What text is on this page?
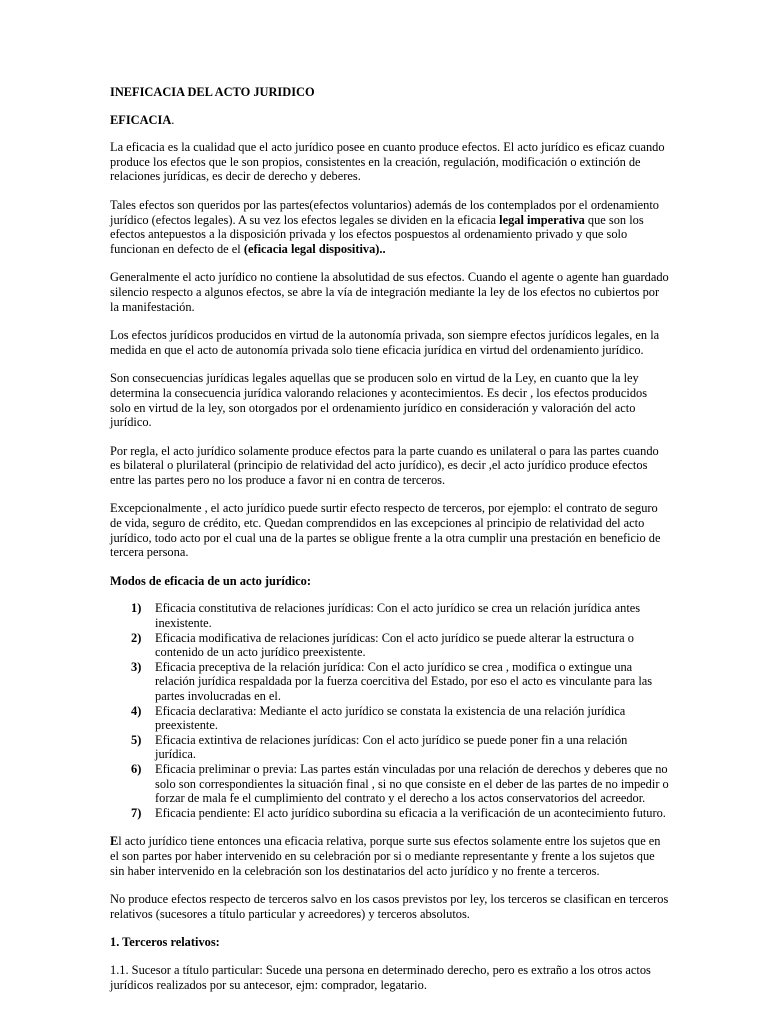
INEFICACIA DEL ACTO JURIDICO

EFICACIA.

La eficacia es la cualidad que el acto jurídico posee en cuanto produce efectos. El acto jurídico es eficaz cuando produce los efectos que le son propios, consistentes en la creación, regulación, modificación o extinción de relaciones jurídicas, es decir de derecho y deberes.

Tales efectos son queridos por las partes(efectos voluntarios) además de los contemplados por el ordenamiento jurídico (efectos legales). A su vez los efectos legales se dividen en la eficacia legal imperativa que son los efectos antepuestos a la disposición privada y los efectos pospuestos al ordenamiento privado y que solo funcionan en defecto de el (eficacia legal dispositiva)..

Generalmente el acto jurídico no contiene la absolutidad de sus efectos. Cuando el agente o agente han guardado silencio respecto a algunos efectos, se abre la vía de integración mediante la ley de los efectos no cubiertos por la manifestación.

Los efectos jurídicos producidos en virtud de la autonomía privada, son siempre efectos jurídicos legales, en la medida en que el acto de autonomía privada solo tiene eficacia jurídica en virtud del ordenamiento jurídico.

Son consecuencias jurídicas legales aquellas que se producen solo en virtud de la Ley, en cuanto que la ley determina la consecuencia jurídica valorando relaciones y acontecimientos. Es decir , los efectos producidos solo en virtud de la ley, son otorgados por el ordenamiento jurídico en consideración y valoración del acto jurídico.

Por regla, el acto jurídico solamente produce efectos para la parte cuando es unilateral o para las partes cuando es bilateral o plurilateral (principio de relatividad del acto jurídico), es decir ,el acto jurídico produce efectos entre las partes pero no los produce a favor ni en contra de terceros.

Excepcionalmente , el acto jurídico puede surtir efecto respecto de terceros, por ejemplo: el contrato de seguro de vida, seguro de crédito, etc. Quedan comprendidos en las excepciones al principio de relatividad del acto jurídico, todo acto por el cual una de la partes se obligue frente a la otra cumplir una prestación en beneficio de tercera persona.

Modos de eficacia de un acto jurídico:

1) Eficacia constitutiva de relaciones jurídicas: Con el acto jurídico se crea un relación jurídica antes inexistente.
2) Eficacia modificativa de relaciones jurídicas: Con el acto jurídico se puede alterar la estructura o contenido de un acto jurídico preexistente.
3) Eficacia preceptiva de la relación jurídica: Con el acto jurídico se crea , modifica o extingue una relación jurídica respaldada por la fuerza coercitiva del Estado, por eso el acto es vinculante para las partes involucradas en el.
4) Eficacia declarativa: Mediante el acto jurídico se constata la existencia de una relación jurídica preexistente.
5) Eficacia extintiva de relaciones jurídicas: Con el acto jurídico se puede poner fin a una relación jurídica.
6) Eficacia preliminar o previa: Las partes están vinculadas por una relación de derechos y deberes que no solo son correspondientes la situación final , si no que consiste en el deber de las partes de no impedir o forzar de mala fe el cumplimiento del contrato y el derecho a los actos conservatorios del acreedor.
7) Eficacia pendiente: El acto jurídico subordina su eficacia a la verificación de un acontecimiento futuro.

El acto jurídico tiene entonces una eficacia relativa, porque surte sus efectos solamente entre los sujetos que en el son partes por haber intervenido en su celebración por si o mediante representante y frente a los sujetos que sin haber intervenido en la celebración son los destinatarios del acto jurídico y no frente a terceros.

No produce efectos respecto de terceros salvo en los casos previstos por ley, los terceros se clasifican en terceros relativos (sucesores a título particular y acreedores) y terceros absolutos.

1. Terceros relativos:

1.1. Sucesor a título particular: Sucede una persona en determinado derecho, pero es extraño a los otros actos jurídicos realizados por su antecesor, ejm: comprador, legatario.
